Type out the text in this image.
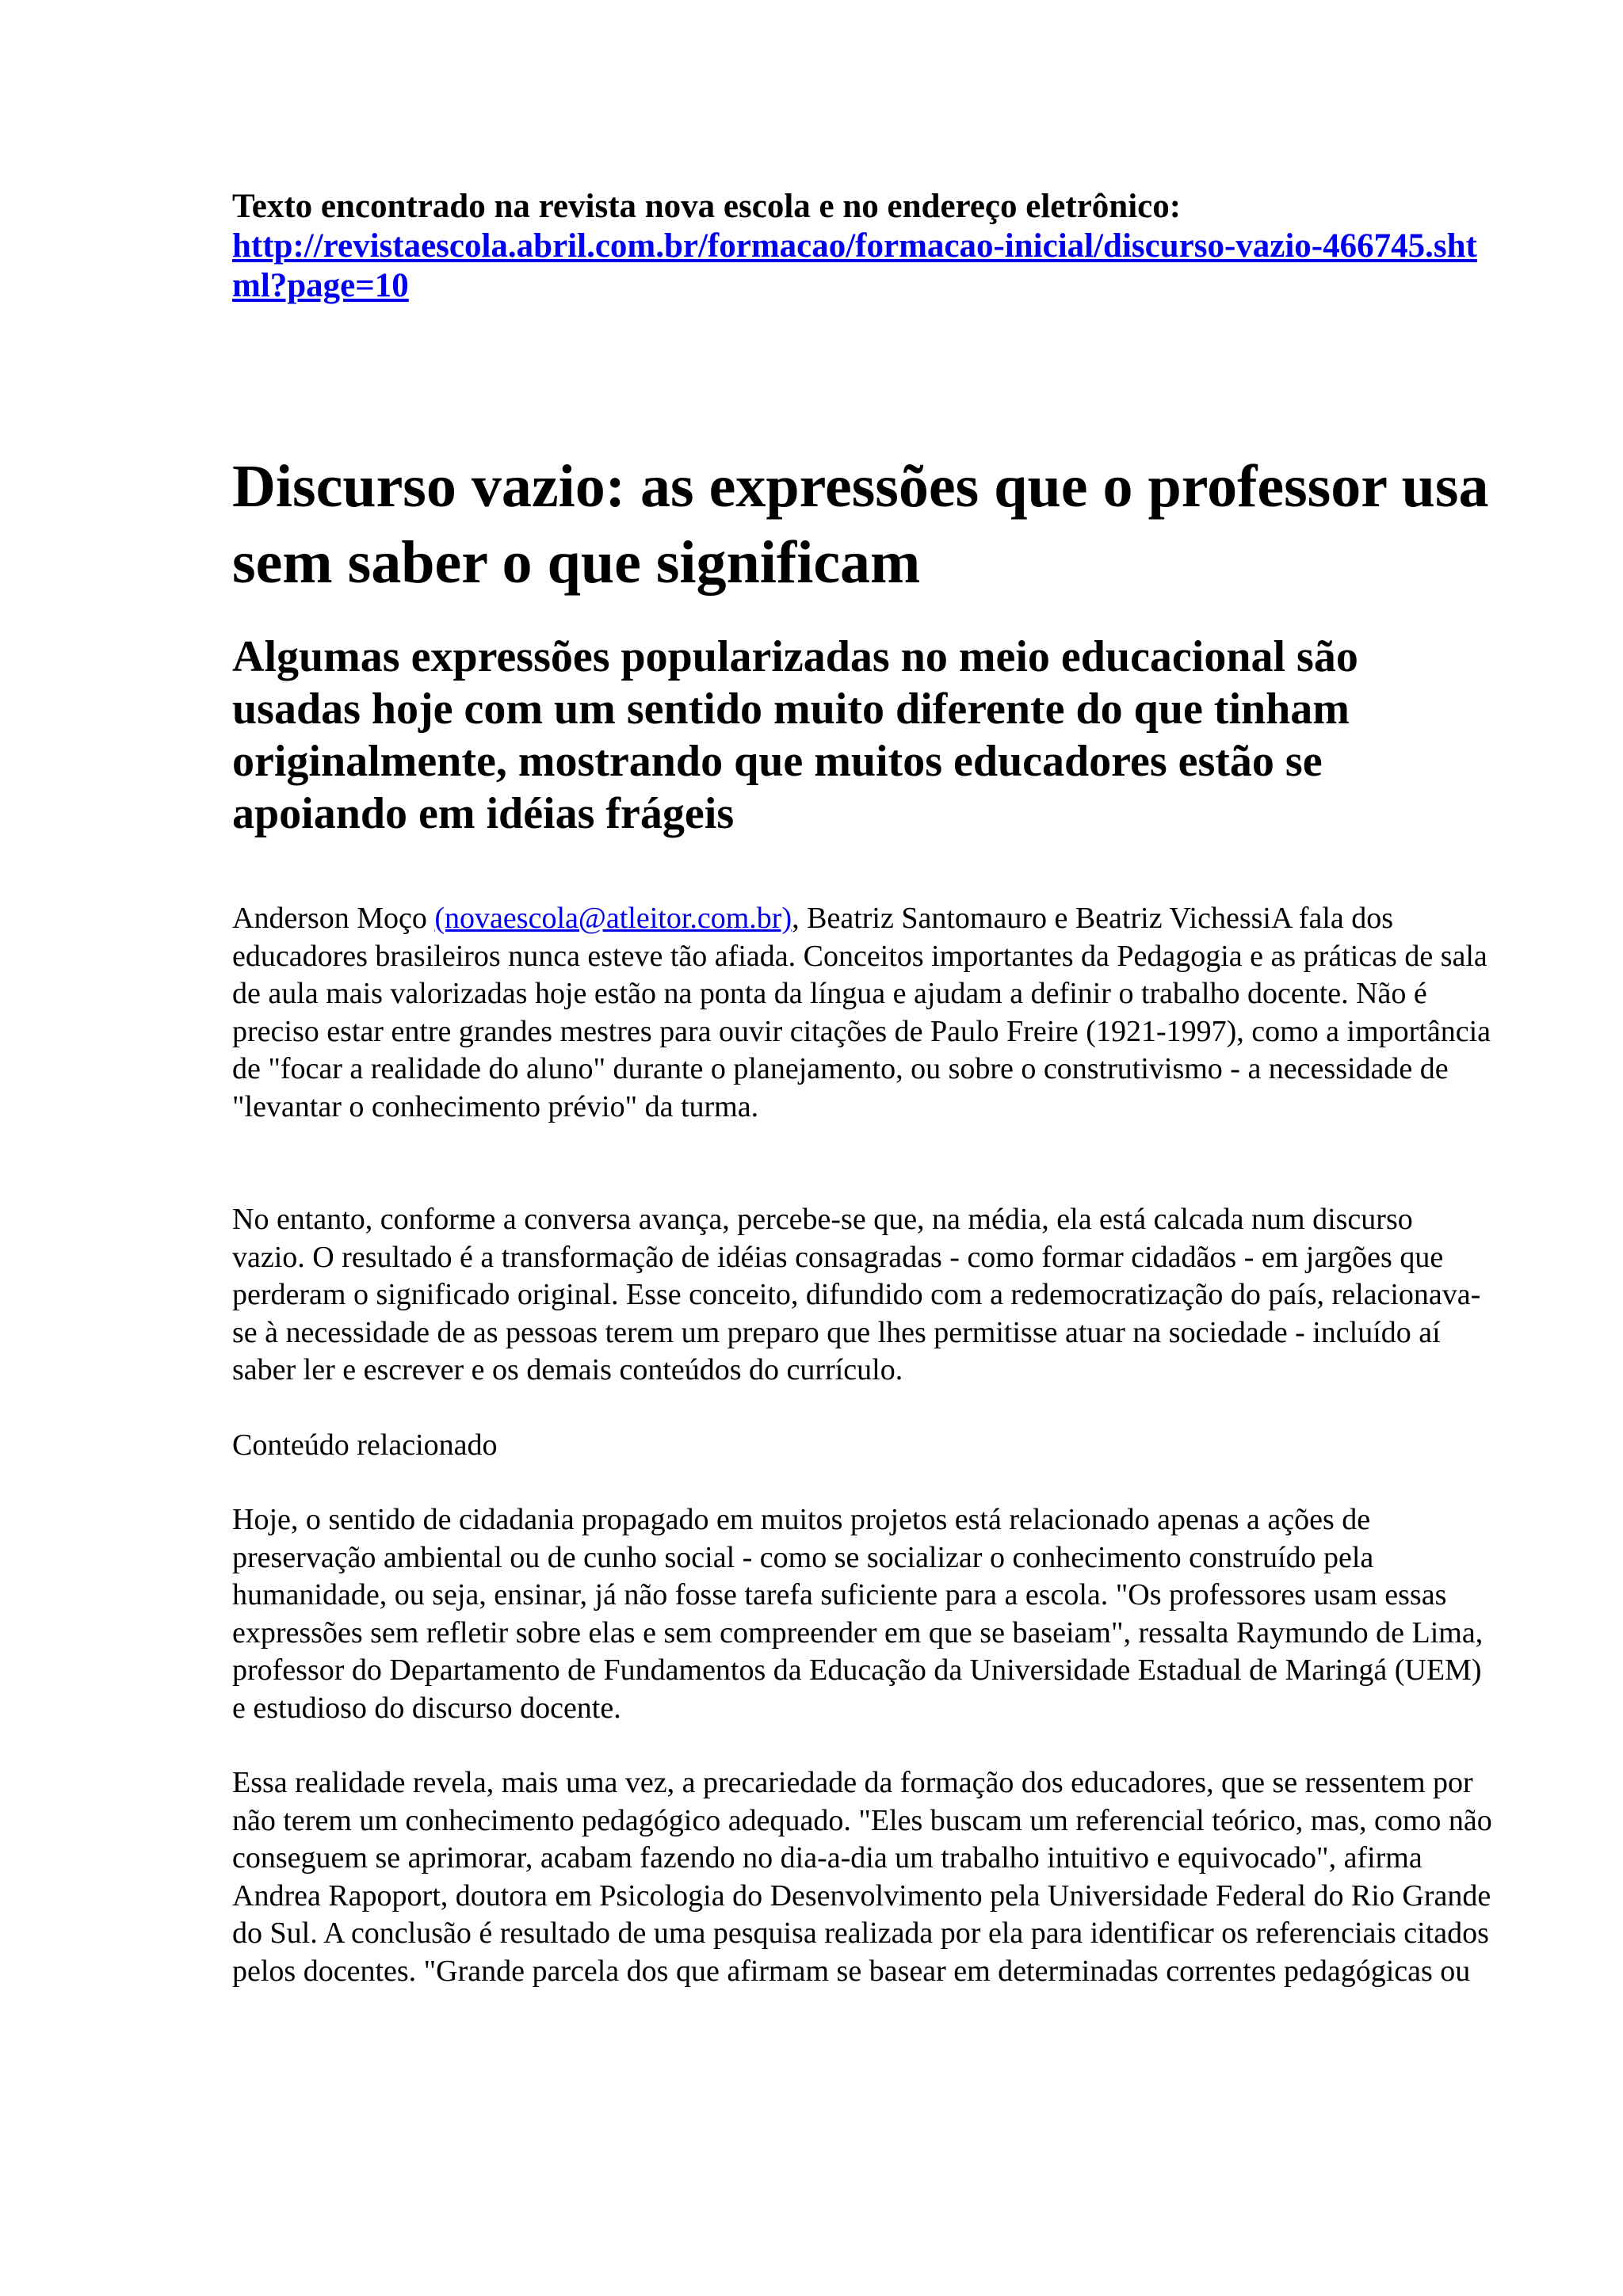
Texto encontrado na revista nova escola e no endereço eletrônico:
http://revistaescola.abril.com.br/formacao/formacao-inicial/discurso-vazio-466745.shtml?page=10

Discurso vazio: as expressões que o professor usa sem saber o que significam
Algumas expressões popularizadas no meio educacional são usadas hoje com um sentido muito diferente do que tinham originalmente, mostrando que muitos educadores estão se apoiando em idéias frágeis

Anderson Moço (novaescola@atleitor.com.br), Beatriz Santomauro e Beatriz VichessiA fala dos educadores brasileiros nunca esteve tão afiada. Conceitos importantes da Pedagogia e as práticas de sala de aula mais valorizadas hoje estão na ponta da língua e ajudam a definir o trabalho docente. Não é preciso estar entre grandes mestres para ouvir citações de Paulo Freire (1921-1997), como a importância de "focar a realidade do aluno" durante o planejamento, ou sobre o construtivismo - a necessidade de "levantar o conhecimento prévio" da turma.

No entanto, conforme a conversa avança, percebe-se que, na média, ela está calcada num discurso vazio. O resultado é a transformação de idéias consagradas - como formar cidadãos - em jargões que perderam o significado original. Esse conceito, difundido com a redemocratização do país, relacionava-se à necessidade de as pessoas terem um preparo que lhes permitisse atuar na sociedade - incluído aí saber ler e escrever e os demais conteúdos do currículo.

Conteúdo relacionado

Hoje, o sentido de cidadania propagado em muitos projetos está relacionado apenas a ações de preservação ambiental ou de cunho social - como se socializar o conhecimento construído pela humanidade, ou seja, ensinar, já não fosse tarefa suficiente para a escola. "Os professores usam essas expressões sem refletir sobre elas e sem compreender em que se baseiam", ressalta Raymundo de Lima, professor do Departamento de Fundamentos da Educação da Universidade Estadual de Maringá (UEM) e estudioso do discurso docente.

Essa realidade revela, mais uma vez, a precariedade da formação dos educadores, que se ressentem por não terem um conhecimento pedagógico adequado. "Eles buscam um referencial teórico, mas, como não conseguem se aprimorar, acabam fazendo no dia-a-dia um trabalho intuitivo e equivocado", afirma Andrea Rapoport, doutora em Psicologia do Desenvolvimento pela Universidade Federal do Rio Grande do Sul. A conclusão é resultado de uma pesquisa realizada por ela para identificar os referenciais citados pelos docentes. "Grande parcela dos que afirmam se basear em determinadas correntes pedagógicas ou
